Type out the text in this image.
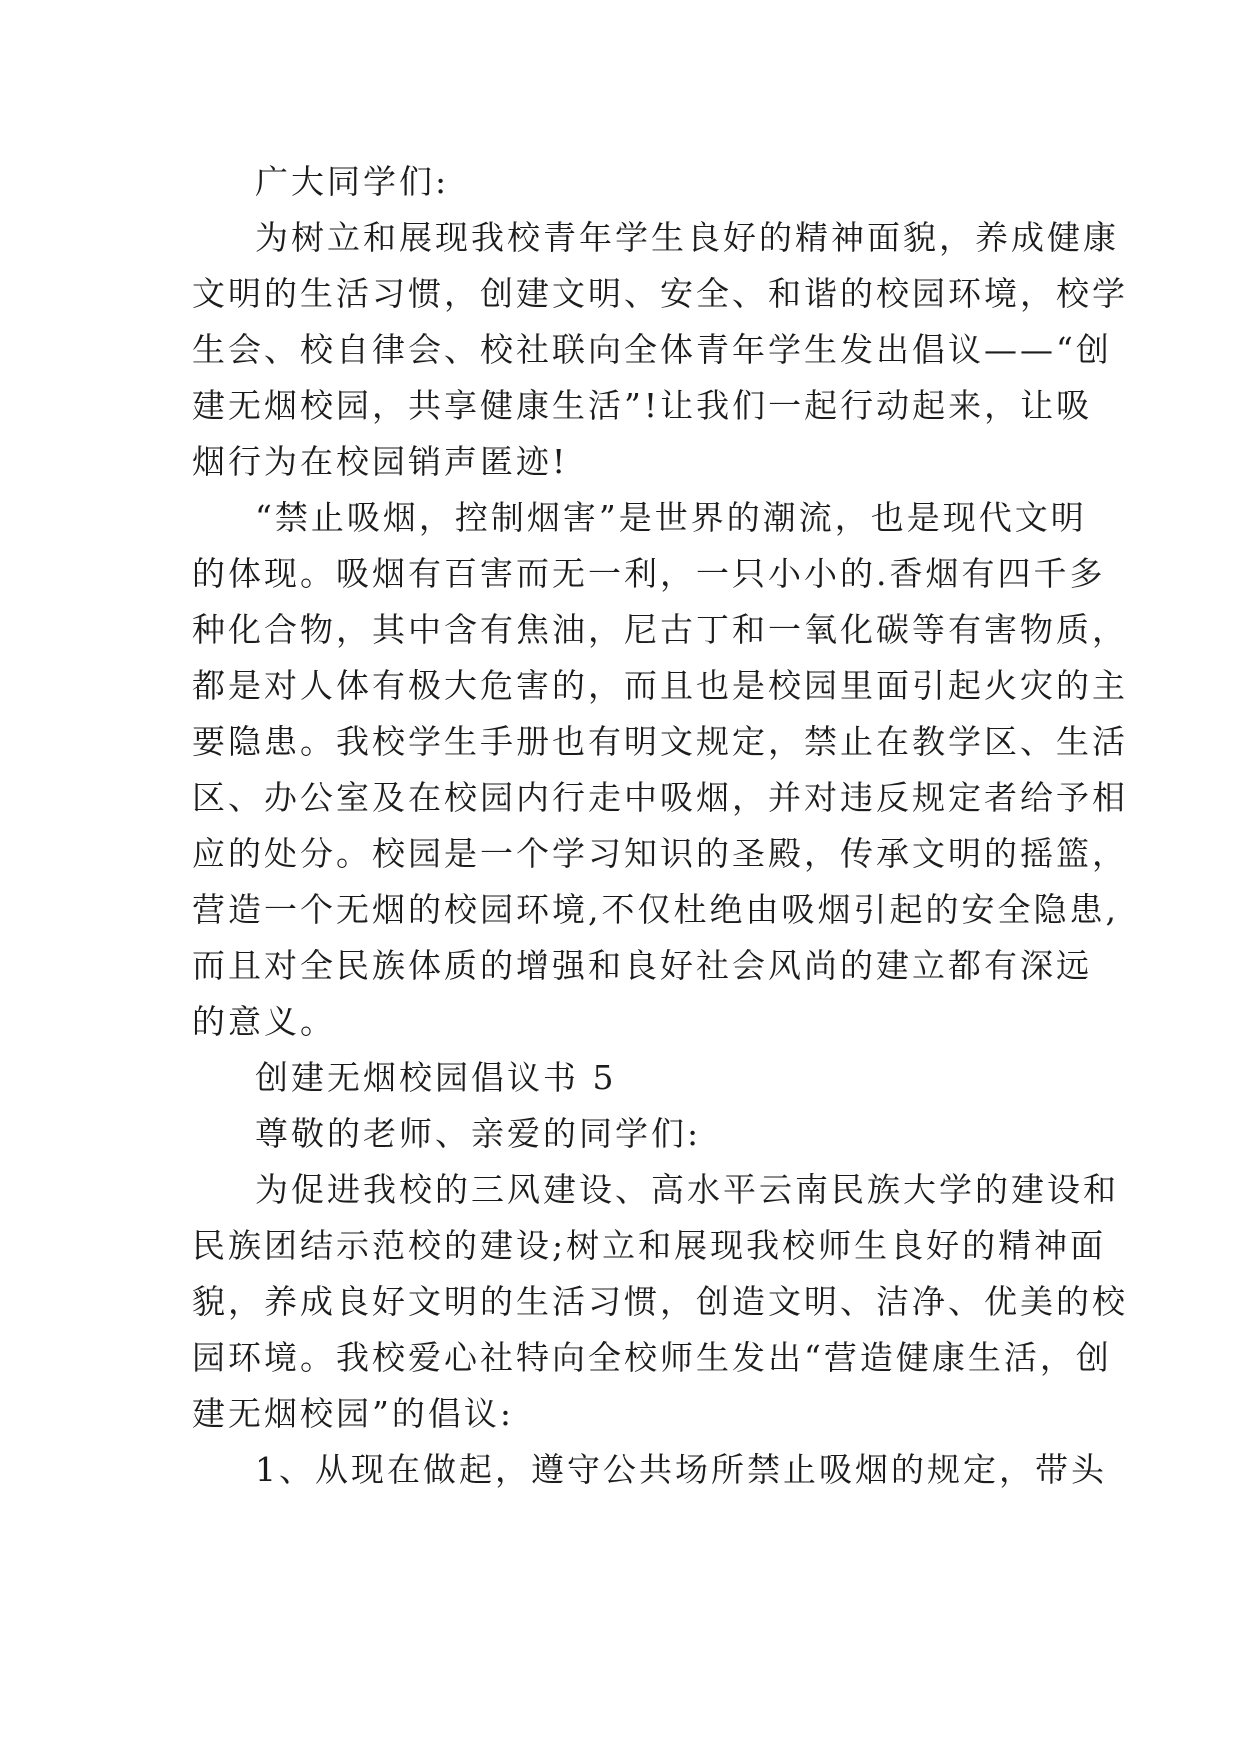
广大同学们:
为树立和展现我校青年学生良好的精神面貌，养成健康
文明的生活习惯，创建文明、安全、和谐的校园环境，校学
生会、校自律会、校社联向全体青年学生发出倡议——“创
建无烟校园，共享健康生活”!让我们一起行动起来，让吸
烟行为在校园销声匿迹!
“禁止吸烟，控制烟害”是世界的潮流，也是现代文明
的体现。吸烟有百害而无一利，一只小小的.香烟有四千多
种化合物，其中含有焦油，尼古丁和一氧化碳等有害物质，
都是对人体有极大危害的，而且也是校园里面引起火灾的主
要隐患。我校学生手册也有明文规定，禁止在教学区、生活
区、办公室及在校园内行走中吸烟，并对违反规定者给予相
应的处分。校园是一个学习知识的圣殿，传承文明的摇篮，
营造一个无烟的校园环境,不仅杜绝由吸烟引起的安全隐患,
而且对全民族体质的增强和良好社会风尚的建立都有深远
的意义。
创建无烟校园倡议书 5
尊敬的老师、亲爱的同学们:
为促进我校的三风建设、高水平云南民族大学的建设和
民族团结示范校的建设;树立和展现我校师生良好的精神面
貌，养成良好文明的生活习惯，创造文明、洁净、优美的校
园环境。我校爱心社特向全校师生发出“营造健康生活，创
建无烟校园”的倡议:
1、从现在做起，遵守公共场所禁止吸烟的规定，带头
